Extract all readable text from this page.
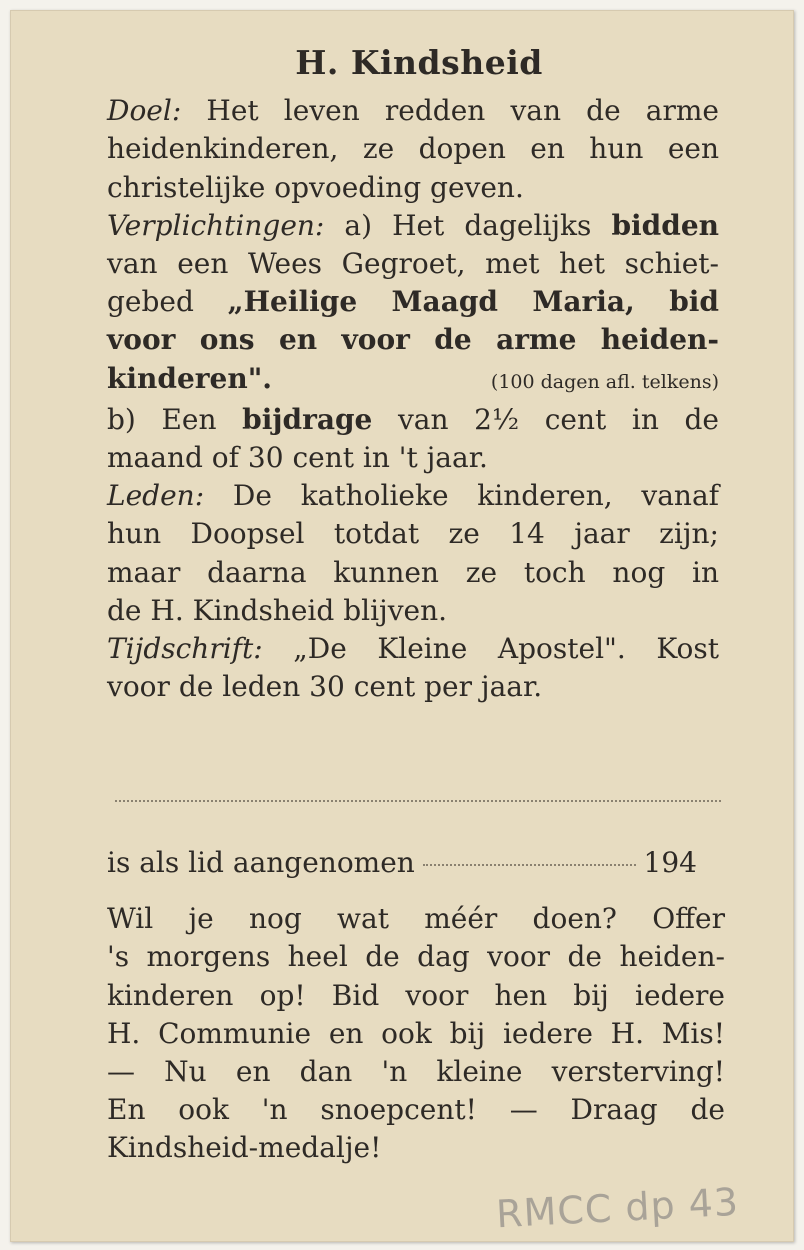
H. Kindsheid
Doel: Het leven redden van de arme
heidenkinderen, ze dopen en hun een
christelijke opvoeding geven.
Verplichtingen: a) Het dagelijks bidden
van een Wees Gegroet, met het schiet-
gebed „Heilige Maagd Maria, bid
voor ons en voor de arme heiden-
kinderen".	(100 dagen afl. telkens)
b) Een bijdrage van 2½ cent in de
maand of 30 cent in 't jaar.
Leden: De katholieke kinderen, vanaf
hun Doopsel totdat ze 14 jaar zijn;
maar daarna kunnen ze toch nog in
de H. Kindsheid blijven.
Tijdschrift: „De Kleine Apostel". Kost
voor de leden 30 cent per jaar.
is als lid aangenomen	194
Wil je nog wat méér doen? Offer
's morgens heel de dag voor de heiden-
kinderen op! Bid voor hen bij iedere
H. Communie en ook bij iedere H. Mis!
— Nu en dan 'n kleine versterving!
En ook 'n snoepcent! — Draag de
Kindsheid-medalje!
RMCC dp 43
